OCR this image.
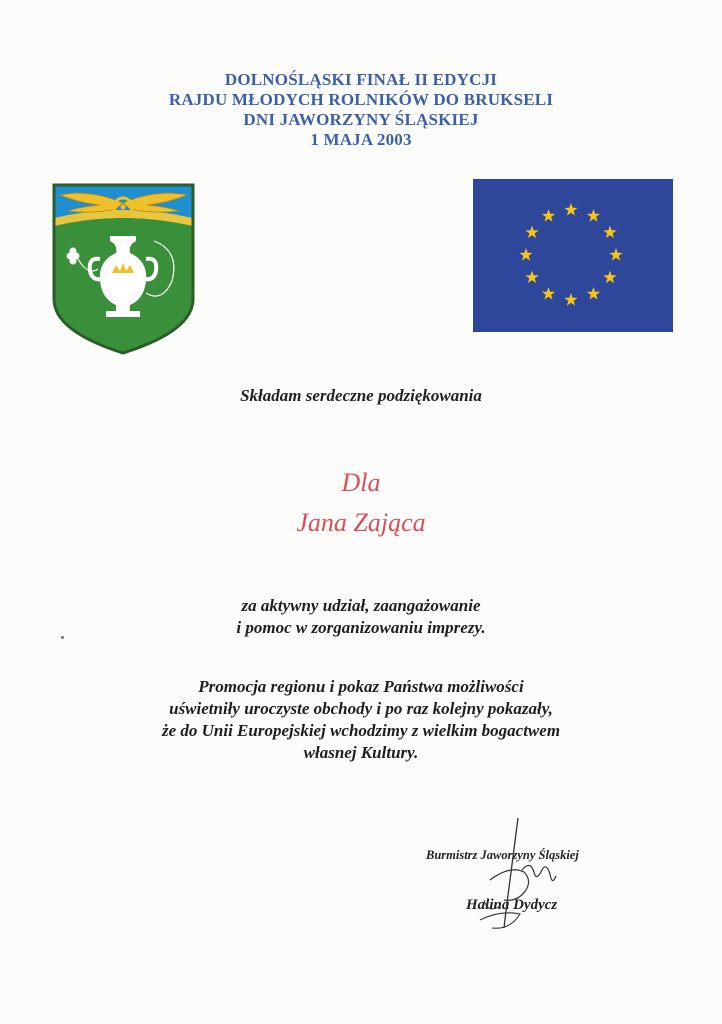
DOLNOŚLĄSKI FINAŁ II EDYCJI
RAJDU MŁODYCH ROLNIKÓW DO BRUKSELI
DNI JAWORZYNY ŚLĄSKIEJ
1 MAJA 2003
Składam serdeczne podziękowania
Dla
Jana Zająca
za aktywny udział, zaangażowanie
i pomoc w zorganizowaniu imprezy.
Promocja regionu i pokaz Państwa możliwości
uświetniły uroczyste obchody i po raz kolejny pokazały,
że do Unii Europejskiej wchodzimy z wielkim bogactwem
własnej Kultury.
Burmistrz Jaworzyny Śląskiej
Halina Dydycz
